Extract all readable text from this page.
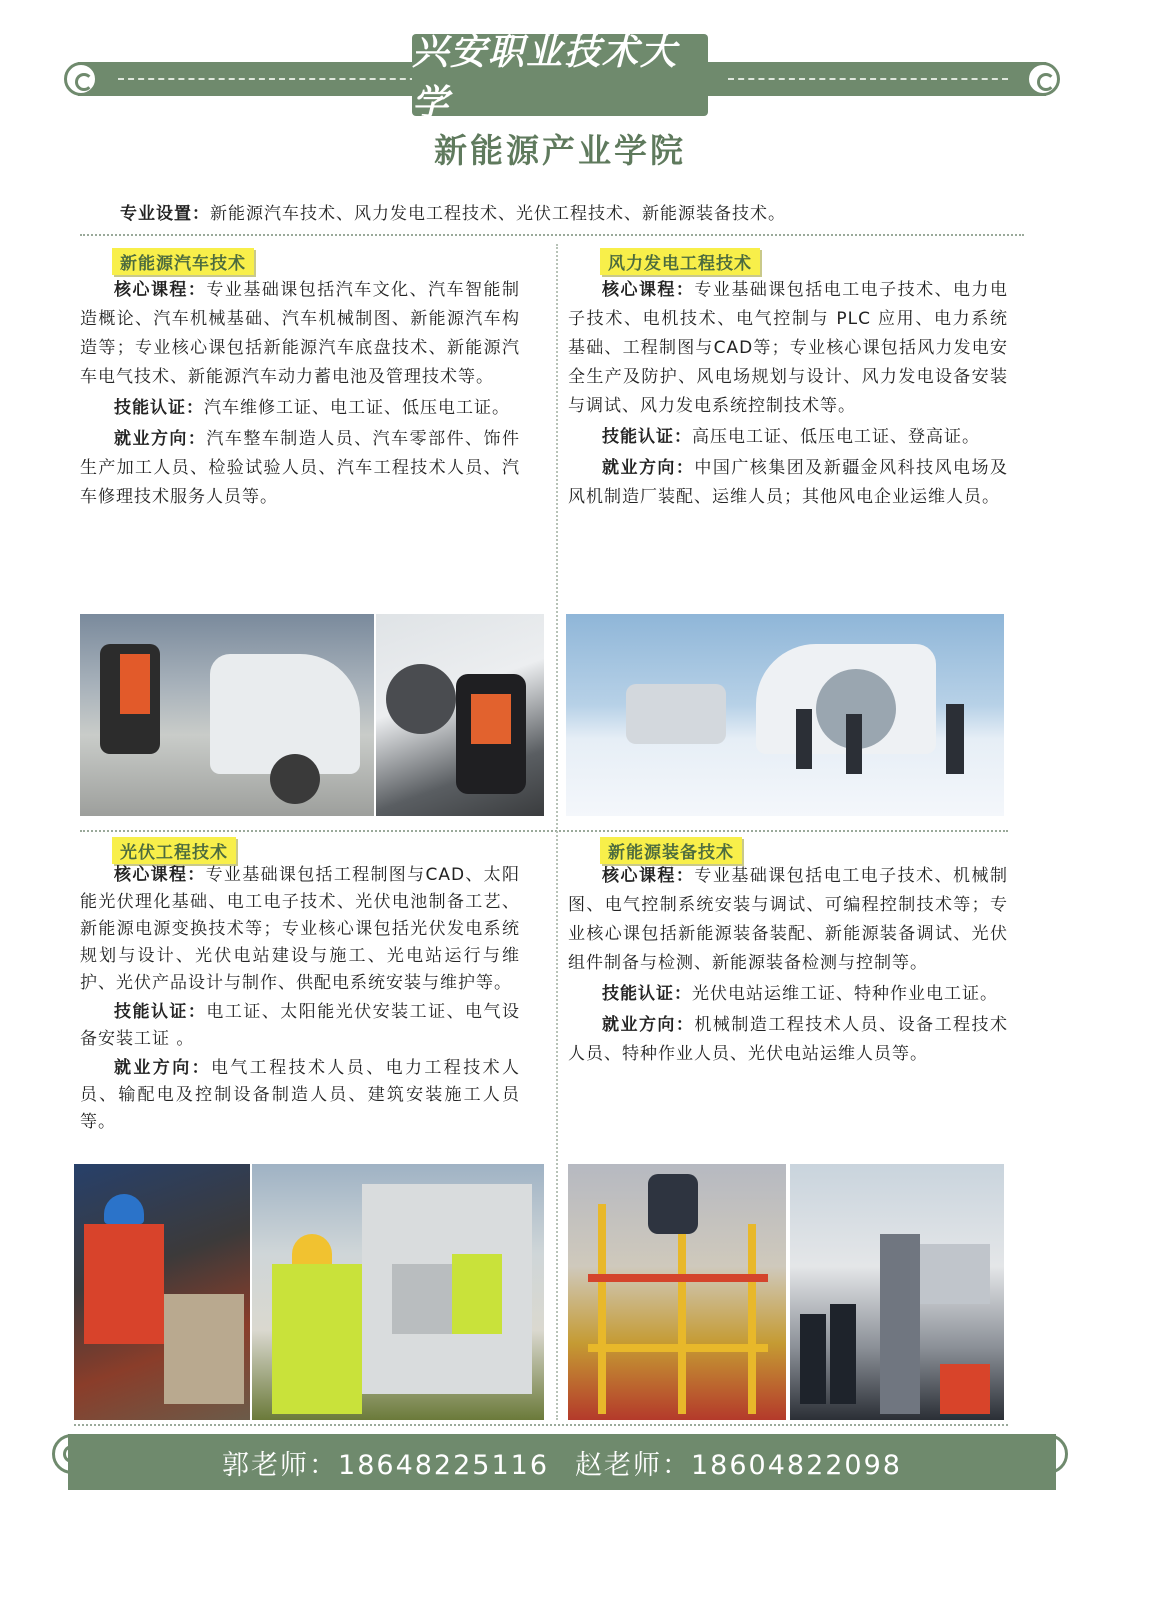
兴安职业技术大学
新能源产业学院
专业设置：新能源汽车技术、风力发电工程技术、光伏工程技术、新能源装备技术。
新能源汽车技术

核心课程：专业基础课包括汽车文化、汽车智能制造概论、汽车机械基础、汽车机械制图、新能源汽车构造等；专业核心课包括新能源汽车底盘技术、新能源汽车电气技术、新能源汽车动力蓄电池及管理技术等。

技能认证：汽车维修工证、电工证、低压电工证。

就业方向：汽车整车制造人员、汽车零部件、饰件生产加工人员、检验试验人员、汽车工程技术人员、汽车修理技术服务人员等。

风力发电工程技术

核心课程：专业基础课包括电工电子技术、电力电子技术、电机技术、电气控制与 PLC 应用、电力系统基础、工程制图与CAD等；专业核心课包括风力发电安全生产及防护、风电场规划与设计、风力发电设备安装与调试、风力发电系统控制技术等。

技能认证：高压电工证、低压电工证、登高证。

就业方向：中国广核集团及新疆金风科技风电场及风机制造厂装配、运维人员；其他风电企业运维人员。

光伏工程技术

核心课程：专业基础课包括工程制图与CAD、太阳能光伏理化基础、电工电子技术、光伏电池制备工艺、新能源电源变换技术等；专业核心课包括光伏发电系统规划与设计、光伏电站建设与施工、光电站运行与维护、光伏产品设计与制作、供配电系统安装与维护等。

技能认证：电工证、太阳能光伏安装工证、电气设备安装工证 。

就业方向：电气工程技术人员、电力工程技术人员、输配电及控制设备制造人员、建筑安装施工人员等。

新能源装备技术

核心课程：专业基础课包括电工电子技术、机械制图、电气控制系统安装与调试、可编程控制技术等；专业核心课包括新能源装备装配、新能源装备调试、光伏组件制备与检测、新能源装备检测与控制等。

技能认证：光伏电站运维工证、特种作业电工证。

就业方向：机械制造工程技术人员、设备工程技术人员、特种作业人员、光伏电站运维人员等。

郭老师：18648225116 赵老师：18604822098
